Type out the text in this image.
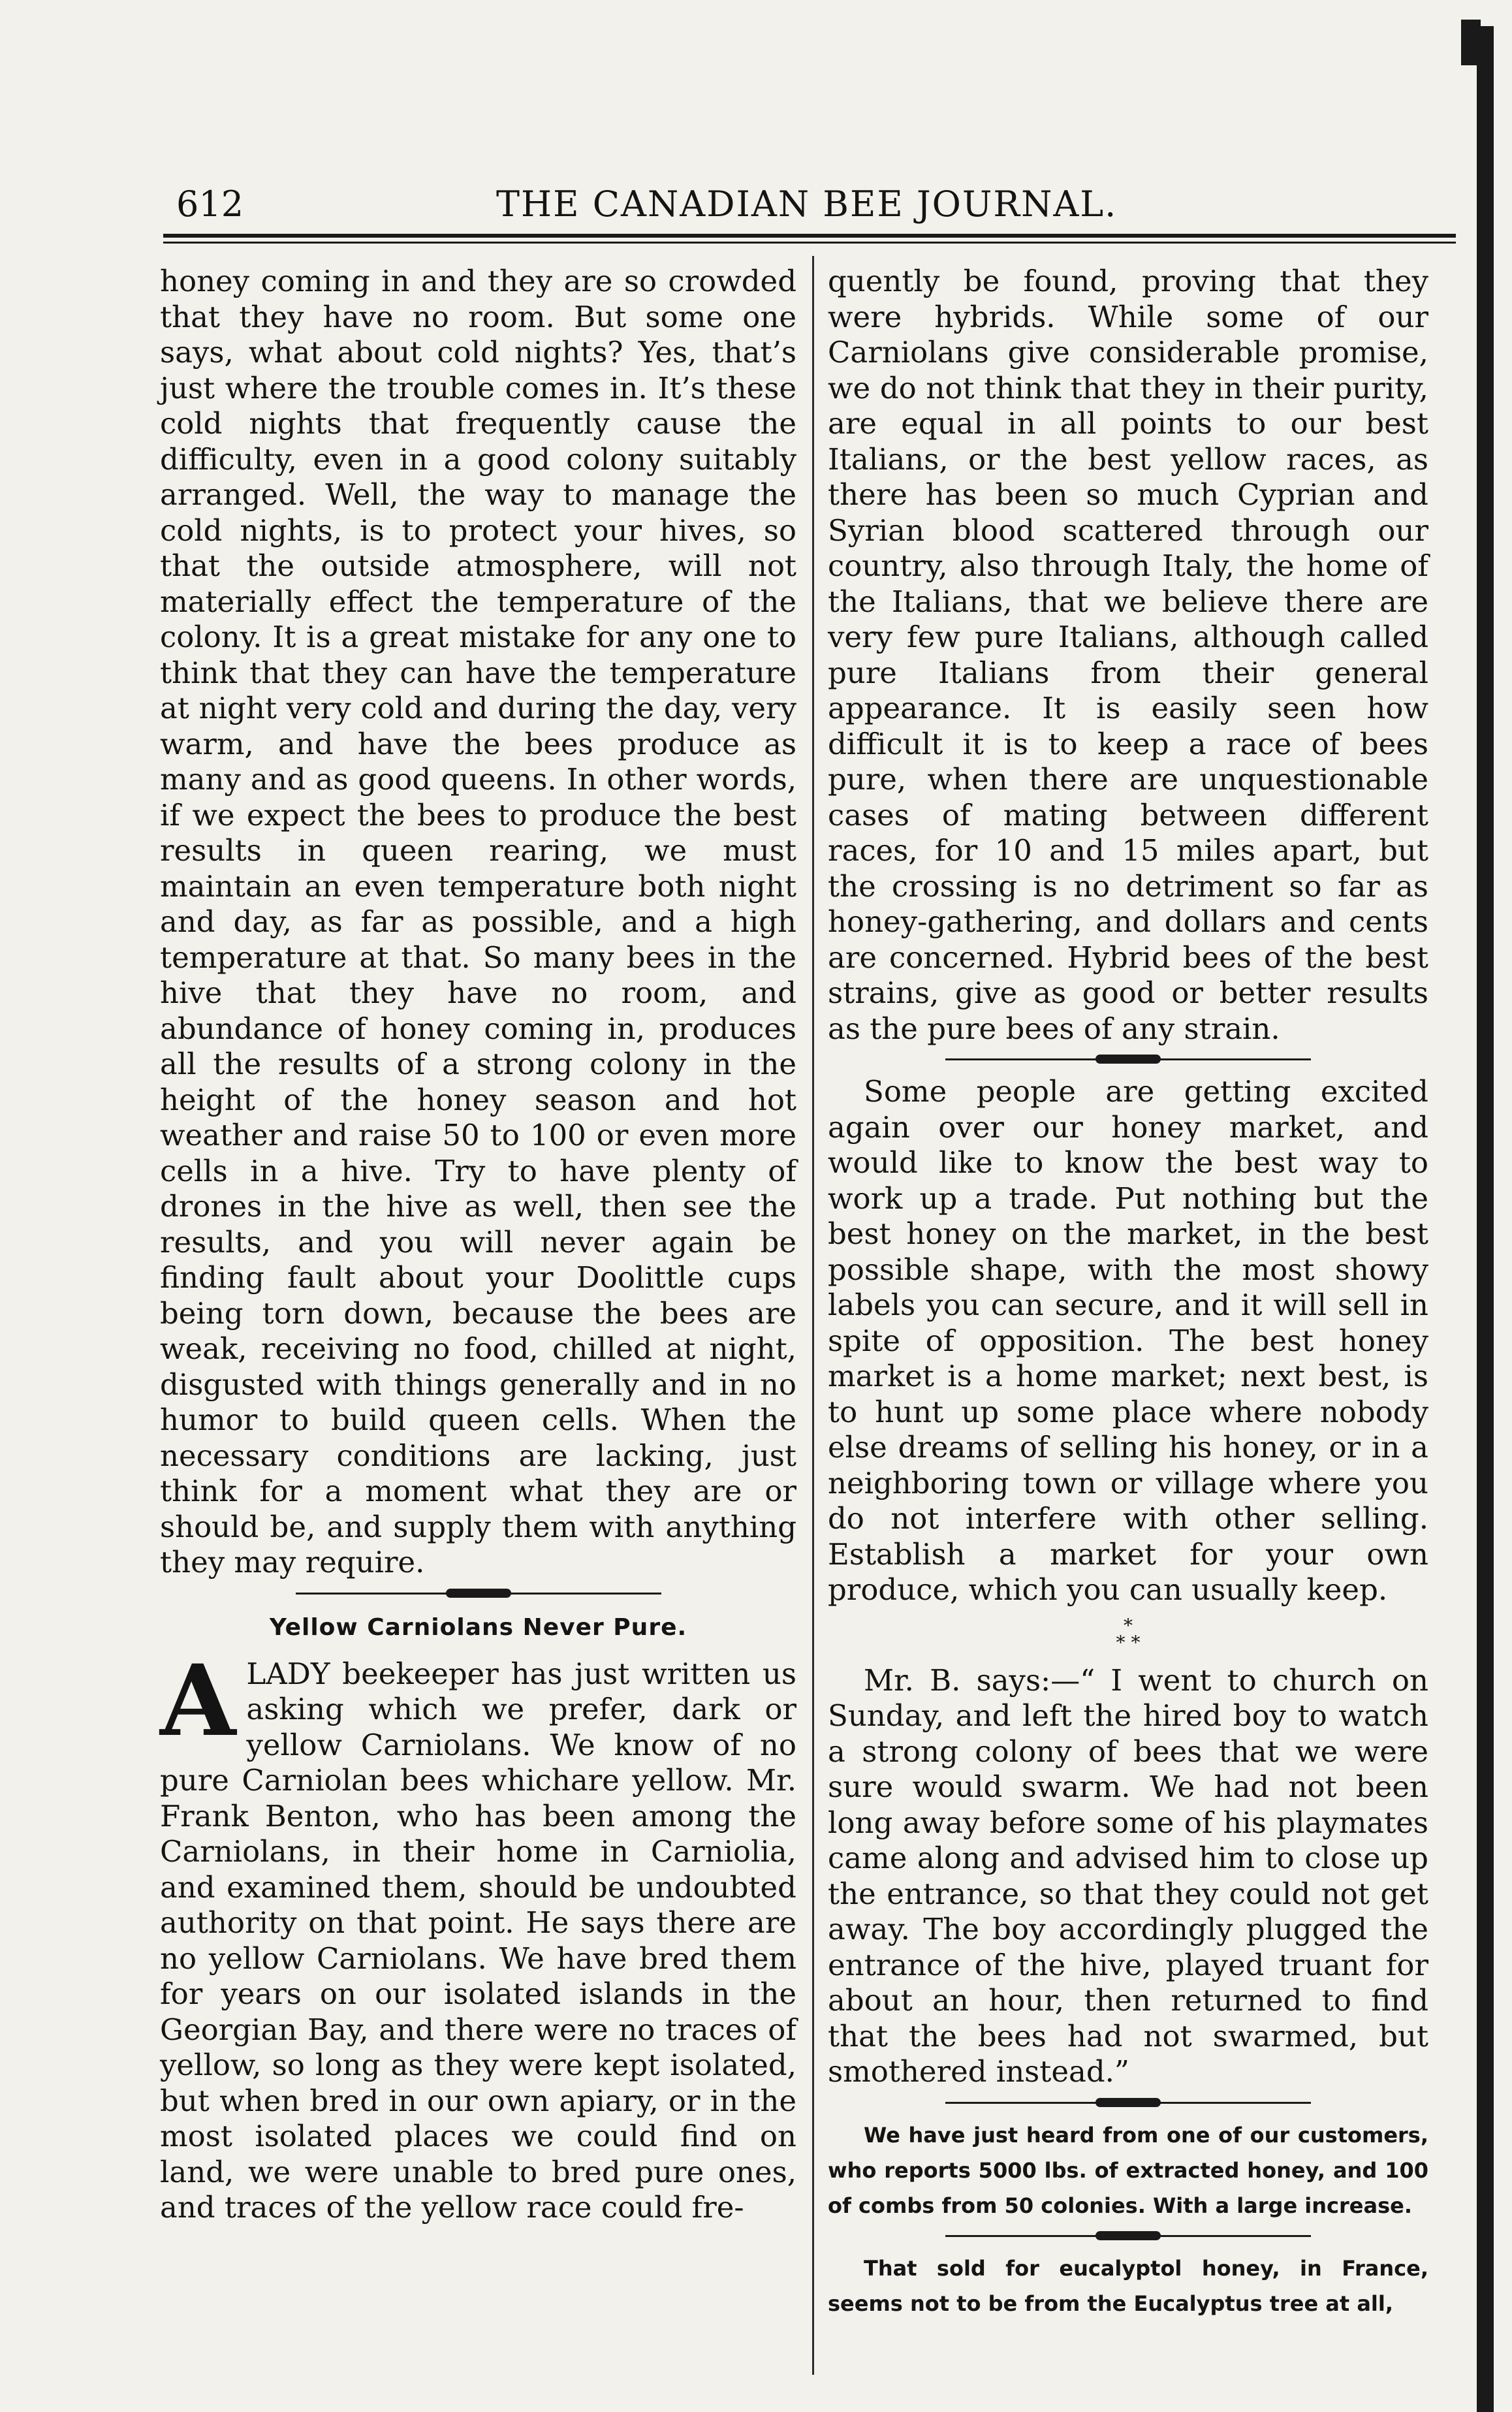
612	THE CANADIAN BEE JOURNAL.

honey coming in and they are so crowded that they have no room. But some one says, what about cold nights? Yes, that’s just where the trouble comes in. It’s these cold nights that frequently cause the difficulty, even in a good colony suitably arranged. Well, the way to manage the cold nights, is to protect your hives, so that the outside atmosphere, will not materially effect the temperature of the colony. It is a great mistake for any one to think that they can have the temperature at night very cold and during the day, very warm, and have the bees produce as many and as good queens. In other words, if we expect the bees to produce the best results in queen rearing, we must maintain an even temperature both night and day, as far as possible, and a high temperature at that. So many bees in the hive that they have no room, and abundance of honey coming in, produces all the results of a strong colony in the height of the honey season and hot weather and raise 50 to 100 or even more cells in a hive. Try to have plenty of drones in the hive as well, then see the results, and you will never again be finding fault about your Doolittle cups being torn down, because the bees are weak, receiving no food, chilled at night, disgusted with things generally and in no humor to build queen cells. When the necessary conditions are lacking, just think for a moment what they are or should be, and supply them with anything they may require.

Yellow Carniolans Never Pure.

A LADY beekeeper has just written us asking which we prefer, dark or yellow Carniolans. We know of no pure Carniolan bees whichare yellow. Mr. Frank Benton, who has been among the Carniolans, in their home in Carniolia, and examined them, should be undoubted authority on that point. He says there are no yellow Carniolans. We have bred them for years on our isolated islands in the Georgian Bay, and there were no traces of yellow, so long as they were kept isolated, but when bred in our own apiary, or in the most isolated places we could find on land, we were unable to bred pure ones, and traces of the yellow race could fre-

quently be found, proving that they were hybrids. While some of our Carniolans give considerable promise, we do not think that they in their purity, are equal in all points to our best Italians, or the best yellow races, as there has been so much Cyprian and Syrian blood scattered through our country, also through Italy, the home of the Italians, that we believe there are very few pure Italians, although called pure Italians from their general appearance. It is easily seen how difficult it is to keep a race of bees pure, when there are unquestionable cases of mating between different races, for 10 and 15 miles apart, but the crossing is no detriment so far as honey-gathering, and dollars and cents are concerned. Hybrid bees of the best strains, give as good or better results as the pure bees of any strain.

Some people are getting excited again over our honey market, and would like to know the best way to work up a trade. Put nothing but the best honey on the market, in the best possible shape, with the most showy labels you can secure, and it will sell in spite of opposition. The best honey market is a home market; next best, is to hunt up some place where nobody else dreams of selling his honey, or in a neighboring town or village where you do not interfere with other selling. Establish a market for your own produce, which you can usually keep.

*
* *

Mr. B. says:—“ I went to church on Sunday, and left the hired boy to watch a strong colony of bees that we were sure would swarm. We had not been long away before some of his playmates came along and advised him to close up the entrance, so that they could not get away. The boy accordingly plugged the entrance of the hive, played truant for about an hour, then returned to find that the bees had not swarmed, but smothered instead.”

We have just heard from one of our customers, who reports 5000 lbs. of extracted honey, and 100 of combs from 50 colonies. With a large increase.

That sold for eucalyptol honey, in France, seems not to be from the Eucalyptus tree at all,
